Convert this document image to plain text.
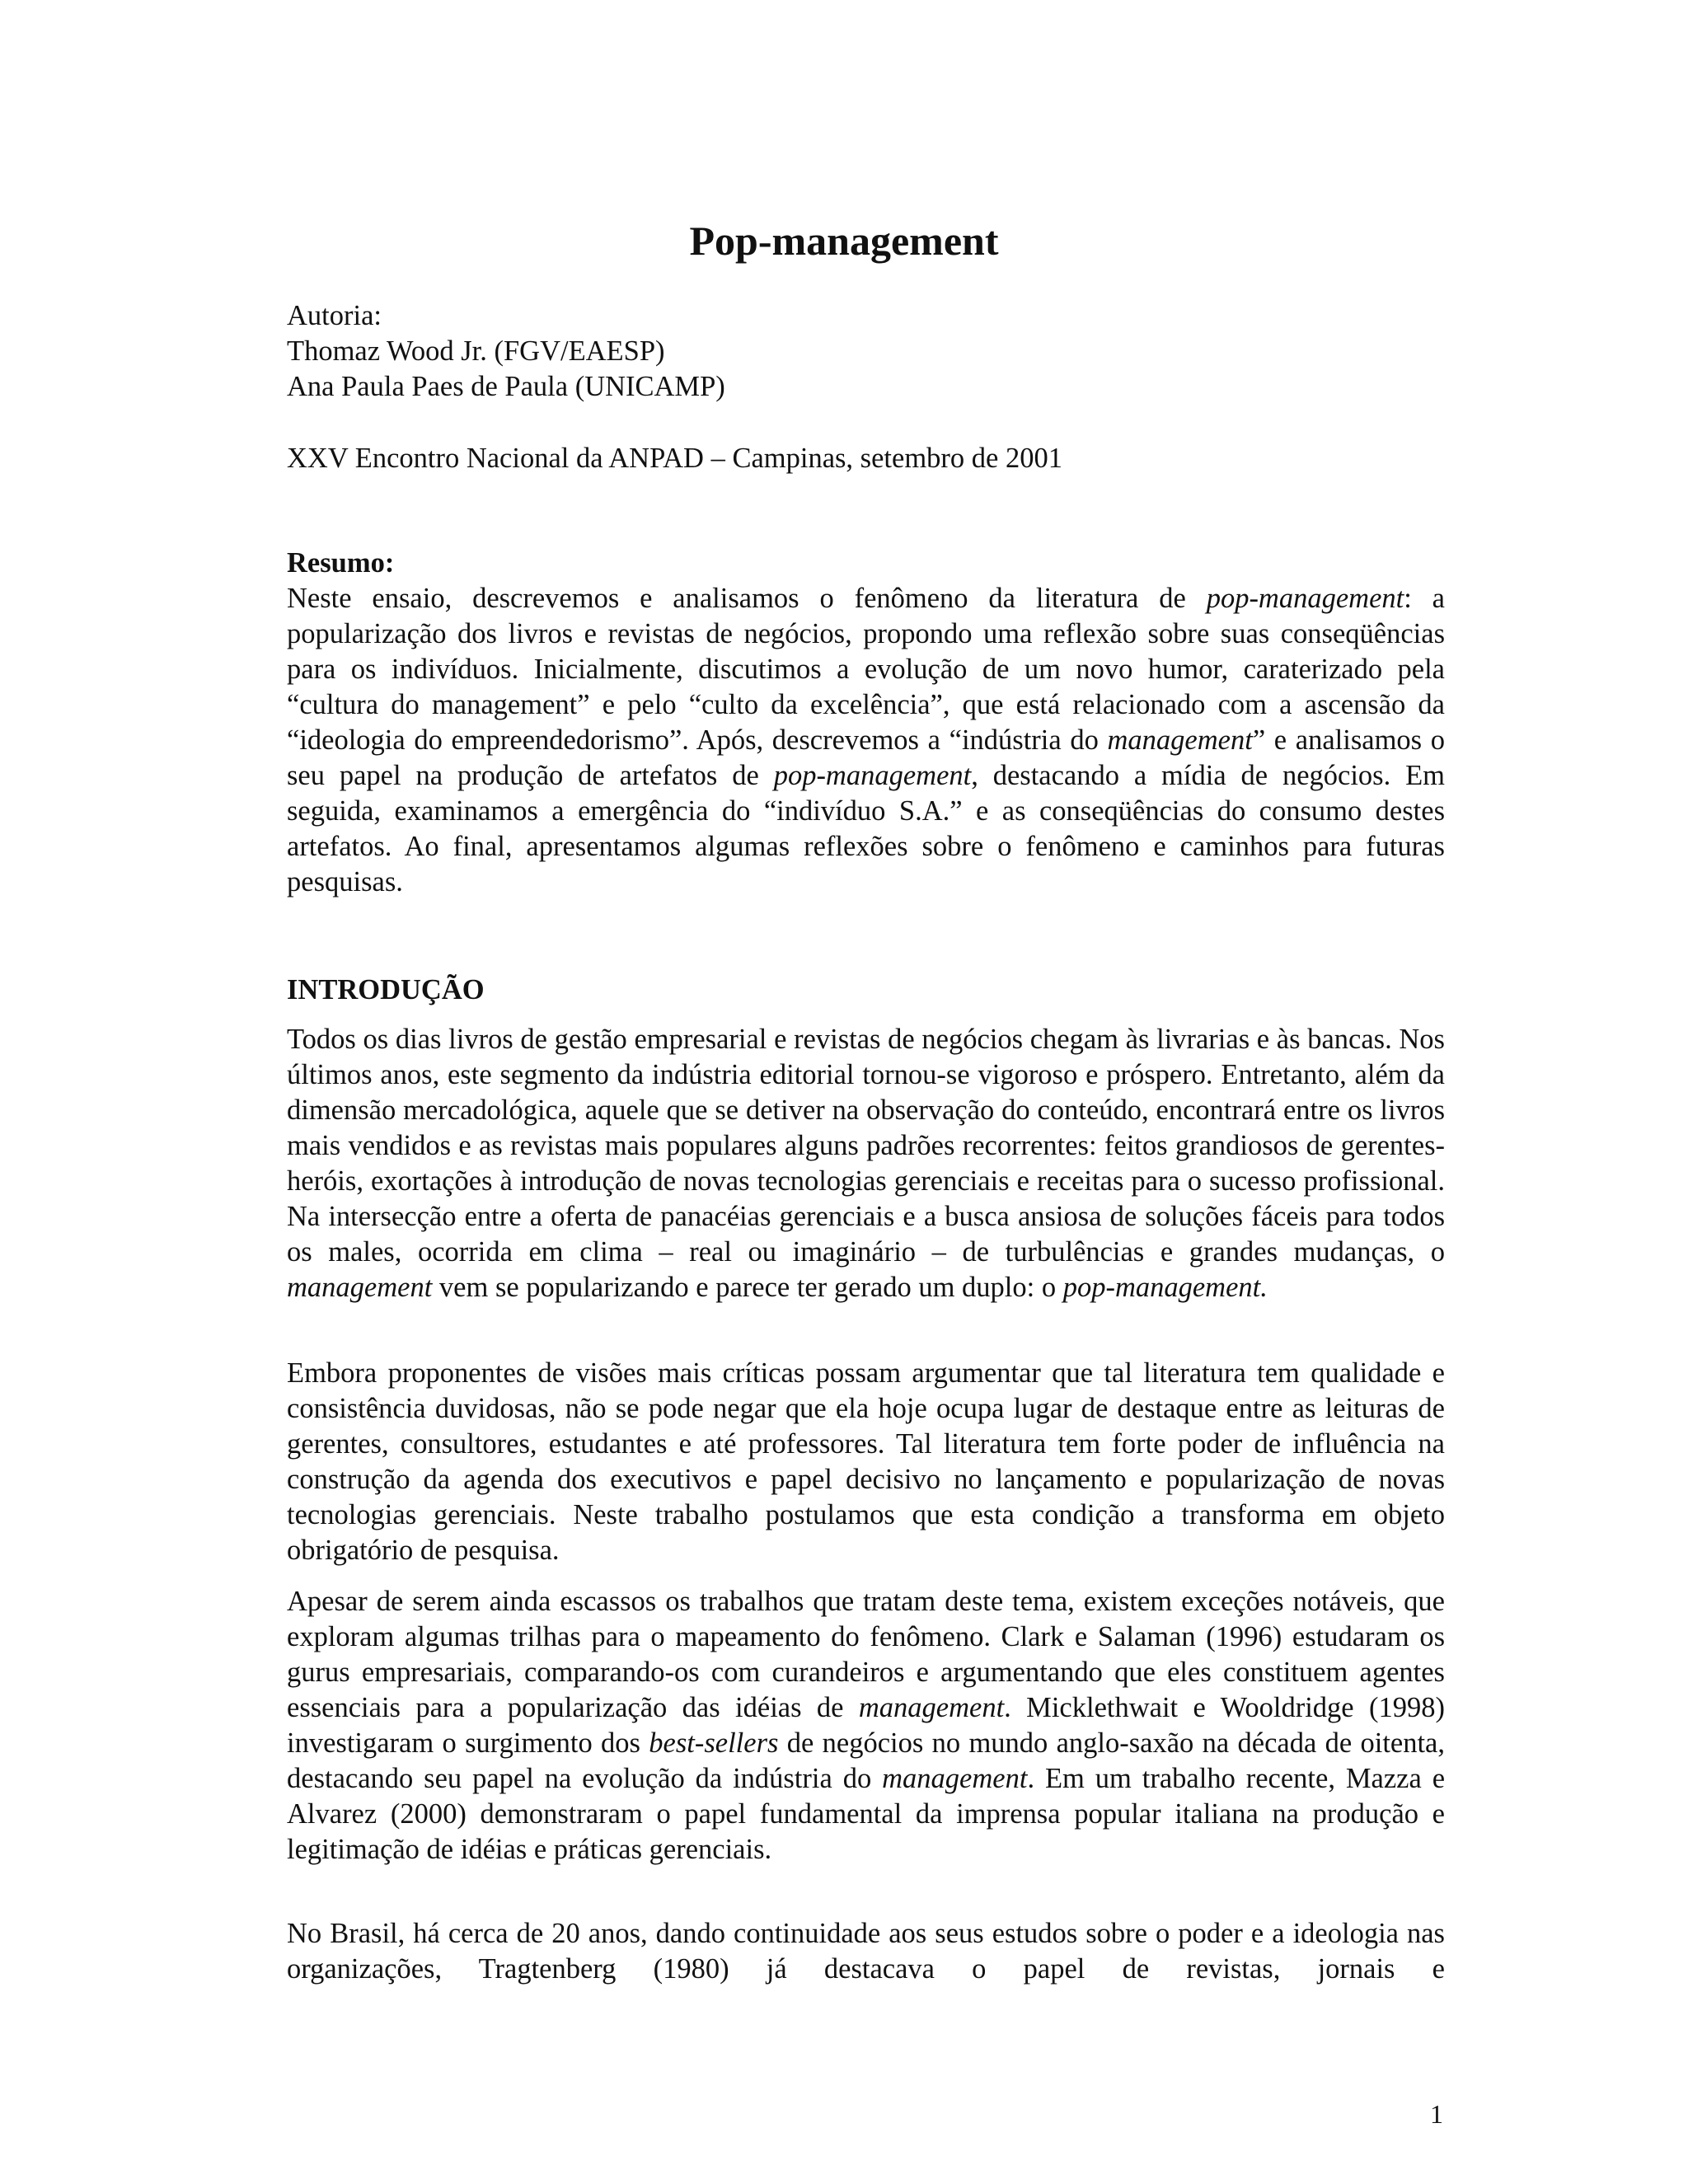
Pop-management
Autoria:
Thomaz Wood Jr. (FGV/EAESP)
Ana Paula Paes de Paula (UNICAMP)
XXV Encontro Nacional da ANPAD – Campinas, setembro de 2001
Resumo:

Neste ensaio, descrevemos e analisamos o fenômeno da literatura de pop-management: a popularização dos livros e revistas de negócios, propondo uma reflexão sobre suas conseqüências para os indivíduos. Inicialmente, discutimos a evolução de um novo humor, caraterizado pela “cultura do management” e pelo “culto da excelência”, que está relacionado com a ascensão da “ideologia do empreendedorismo”. Após, descrevemos a “indústria do management” e analisamos o seu papel na produção de artefatos de pop-management, destacando a mídia de negócios. Em seguida, examinamos a emergência do “indivíduo S.A.” e as conseqüências do consumo destes artefatos. Ao final, apresentamos algumas reflexões sobre o fenômeno e caminhos para futuras pesquisas.

INTRODUÇÃO

Todos os dias livros de gestão empresarial e revistas de negócios chegam às livrarias e às bancas. Nos últimos anos, este segmento da indústria editorial tornou-se vigoroso e próspero. Entretanto, além da dimensão mercadológica, aquele que se detiver na observação do conteúdo, encontrará entre os livros mais vendidos e as revistas mais populares alguns padrões recorrentes: feitos grandiosos de gerentes-heróis, exortações à introdução de novas tecnologias gerenciais e receitas para o sucesso profissional. Na intersecção entre a oferta de panacéias gerenciais e a busca ansiosa de soluções fáceis para todos os males, ocorrida em clima – real ou imaginário – de turbulências e grandes mudanças, o management vem se popularizando e parece ter gerado um duplo: o pop-management.

Embora proponentes de visões mais críticas possam argumentar que tal literatura tem qualidade e consistência duvidosas, não se pode negar que ela hoje ocupa lugar de destaque entre as leituras de gerentes, consultores, estudantes e até professores. Tal literatura tem forte poder de influência na construção da agenda dos executivos e papel decisivo no lançamento e popularização de novas tecnologias gerenciais. Neste trabalho postulamos que esta condição a transforma em objeto obrigatório de pesquisa.

Apesar de serem ainda escassos os trabalhos que tratam deste tema, existem exceções notáveis, que exploram algumas trilhas para o mapeamento do fenômeno. Clark e Salaman (1996) estudaram os gurus empresariais, comparando-os com curandeiros e argumentando que eles constituem agentes essenciais para a popularização das idéias de management. Micklethwait e Wooldridge (1998) investigaram o surgimento dos best-sellers de negócios no mundo anglo-saxão na década de oitenta, destacando seu papel na evolução da indústria do management. Em um trabalho recente, Mazza e Alvarez (2000) demonstraram o papel fundamental da imprensa popular italiana na produção e legitimação de idéias e práticas gerenciais.

No Brasil, há cerca de 20 anos, dando continuidade aos seus estudos sobre o poder e a ideologia nas organizações, Tragtenberg (1980) já destacava o papel de revistas, jornais e

1
